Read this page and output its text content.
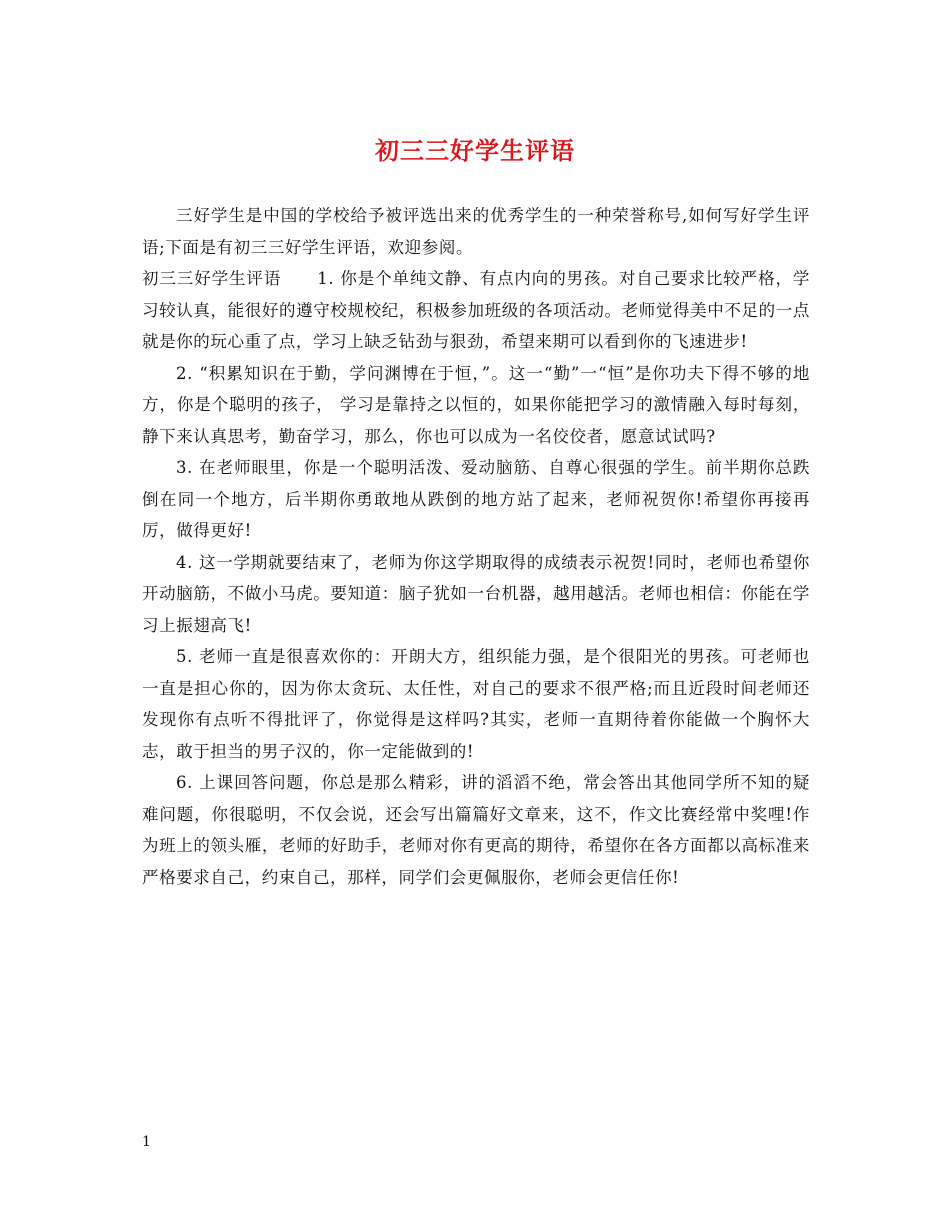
初三三好学生评语

三好学生是中国的学校给予被评选出来的优秀学生的一种荣誉称号,如何写好学生评语;下面是有初三三好学生评语，欢迎参阅。

初三三好学生评语 1. 你是个单纯文静、有点内向的男孩。对自己要求比较严格，学习较认真，能很好的遵守校规校纪，积极参加班级的各项活动。老师觉得美中不足的一点就是你的玩心重了点，学习上缺乏钻劲与狠劲，希望来期可以看到你的飞速进步!

2. “积累知识在于勤，学问渊博在于恒，”。这一“勤”一“恒”是你功夫下得不够的地方，你是个聪明的孩子， 学习是靠持之以恒的，如果你能把学习的激情融入每时每刻，静下来认真思考，勤奋学习，那么，你也可以成为一名佼佼者，愿意试试吗?

3. 在老师眼里，你是一个聪明活泼、爱动脑筋、自尊心很强的学生。前半期你总跌倒在同一个地方，后半期你勇敢地从跌倒的地方站了起来，老师祝贺你!希望你再接再厉，做得更好!

4. 这一学期就要结束了，老师为你这学期取得的成绩表示祝贺!同时，老师也希望你开动脑筋，不做小马虎。要知道：脑子犹如一台机器，越用越活。老师也相信：你能在学习上振翅高飞!

5. 老师一直是很喜欢你的：开朗大方，组织能力强，是个很阳光的男孩。可老师也一直是担心你的，因为你太贪玩、太任性，对自己的要求不很严格;而且近段时间老师还发现你有点听不得批评了，你觉得是这样吗?其实，老师一直期待着你能做一个胸怀大志，敢于担当的男子汉的，你一定能做到的!

6. 上课回答问题，你总是那么精彩，讲的滔滔不绝，常会答出其他同学所不知的疑难问题，你很聪明，不仅会说，还会写出篇篇好文章来，这不，作文比赛经常中奖哩!作为班上的领头雁，老师的好助手，老师对你有更高的期待，希望你在各方面都以高标准来严格要求自己，约束自己，那样，同学们会更佩服你，老师会更信任你!

1
